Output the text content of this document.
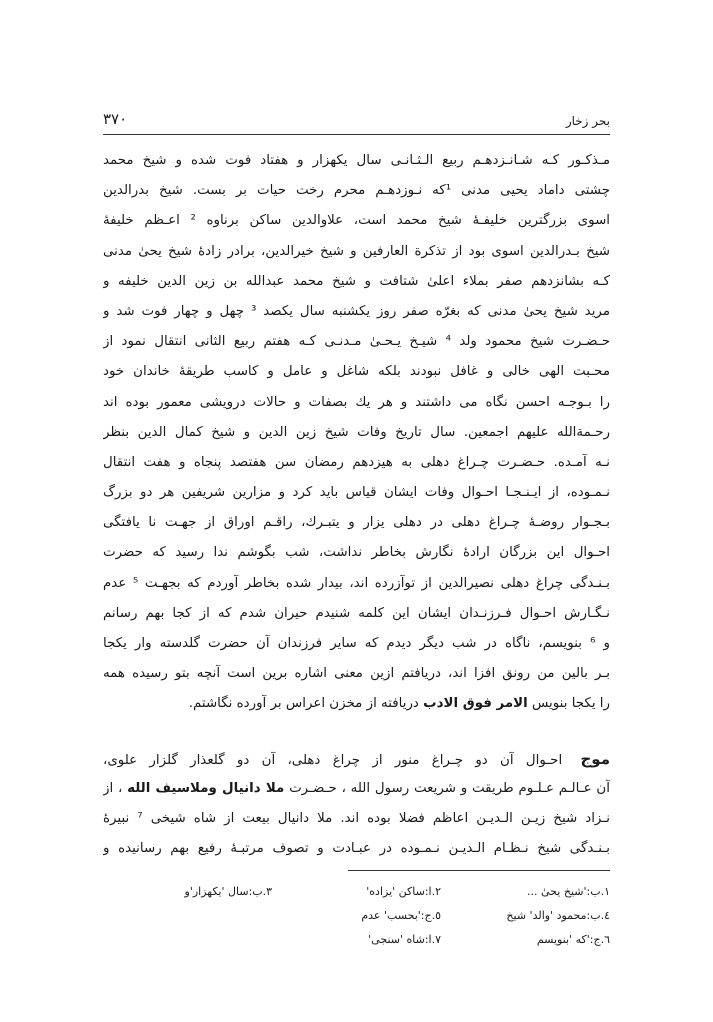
۳۷۰	بحر زخار
مـذکـور کـه شـانـزدهـم ربیع الـثـانـی سال یکهزار و هفتاد فوت شده و شیخ محمد
چشتی داماد یحیی مدنی ¹که نـوزدهـم محرم رخت حیات بر بست. شیخ بدرالدین
اسوی بزرگترین خلیفـهٔ شیخ محمد است، علاوالدین ساکن برناوه ² اعـظم خلیفهٔ
شیخ بـدرالدین اسوی بود از تذکرة العارفین و شیخ خیرالدین، برادر زادهٔ شیخ یحیٰ مدنی
کـه بشانزدهم صفر بملاء اعلیٰ شتافت و شیخ محمد عبدالله بن زین الدین خلیفه و
مرید شیخ یحیٰ مدنی که بغرّه صفر روز یکشنبه سال یکصد ³ چهل و چهار فوت شد و
حـضـرت شیخ محمود ولد ⁴ شیـخ یـحـیٰ مـدنـی کـه هفتم ربیع الثانی انتقال نمود از
محـبت الهی خالی و غافل نبودند بلکه شاغل و عامل و کاسب طریقهٔ خاندان خود
را بـوجـه احسن نگاه می داشتند و هر یك بصفات و حالات درویشی معمور بوده اند
رحـمةالله علیهم اجمعین. سال تاریخ وفات شیخ زین الدین و شیخ کمال الدین بنظر
نـه آمـده. حـضـرت چـراغ دهلی به هیزدهم رمضان سن هفتصد پنجاه و هفت انتقال
نـمـوده، از ایـنـجـا احـوال وفات ایشان قیاس باید کرد و مزارین شریفین هر دو بزرگ
بـجـوار روضـهٔ چـراغ دهلی در دهلی یزار و یتبـرك، راقـم اوراق از جهـت نا یافتگی
احـوال این بزرگان ارادهٔ نگارش بخاطر نداشت، شب بگوشم ندا رسید که حضرت
بـنـدگی چراغ دهلی نصیرالدین از توآزرده اند، بیدار شده بخاطر آوردم که بجهـت ⁵ عدم
نـگـارش احـوال فـرزنـدان ایشان این کلمه شنیدم حیران شدم که از کجا بهم رسانم
و ⁶ بنویسم، ناگاه در شب دیگر دیدم که سایر فرزندان آن حضرت گلدسته وار یکجا
بـر بالین من رونق افزا اند، دریافتم ازین معنی اشاره برین است آنچه بتو رسیده همه
را یکجا بنویس الامر فوق الادب دریافته از مخزن اعراس بر آورده نگاشتم.
موج احـوال آن دو چـراغ منور از چراغ دهلی، آن دو گلعذار گلزار علوی،
آن عـالـم عـلـوم طریقت و شریعت رسول الله ، حـضـرت ملا دانیال وملاسیف الله ، از
نـزاد شیخ زیـن الـدیـن اعاظم فضلا بوده اند. ملا دانیال بیعت از شاه شیخی ⁷ نبیرهٔ
بـنـدگی شیخ نـظـام الـدیـن نـمـوده در عبـادت و تصوف مرتبـهٔ رفیع بهم رسانیده و
١.ب:'شیخ یحیٰ ...
٢.ا:ساکن 'یزاده'
٣.ب:سال 'یکهزار'و
٤.ب:محمود 'والد' شیخ
٥.ج:'بحسب' عدم
٦.ج:'که 'بنویسم
٧.ا:شاه 'سنجی'
